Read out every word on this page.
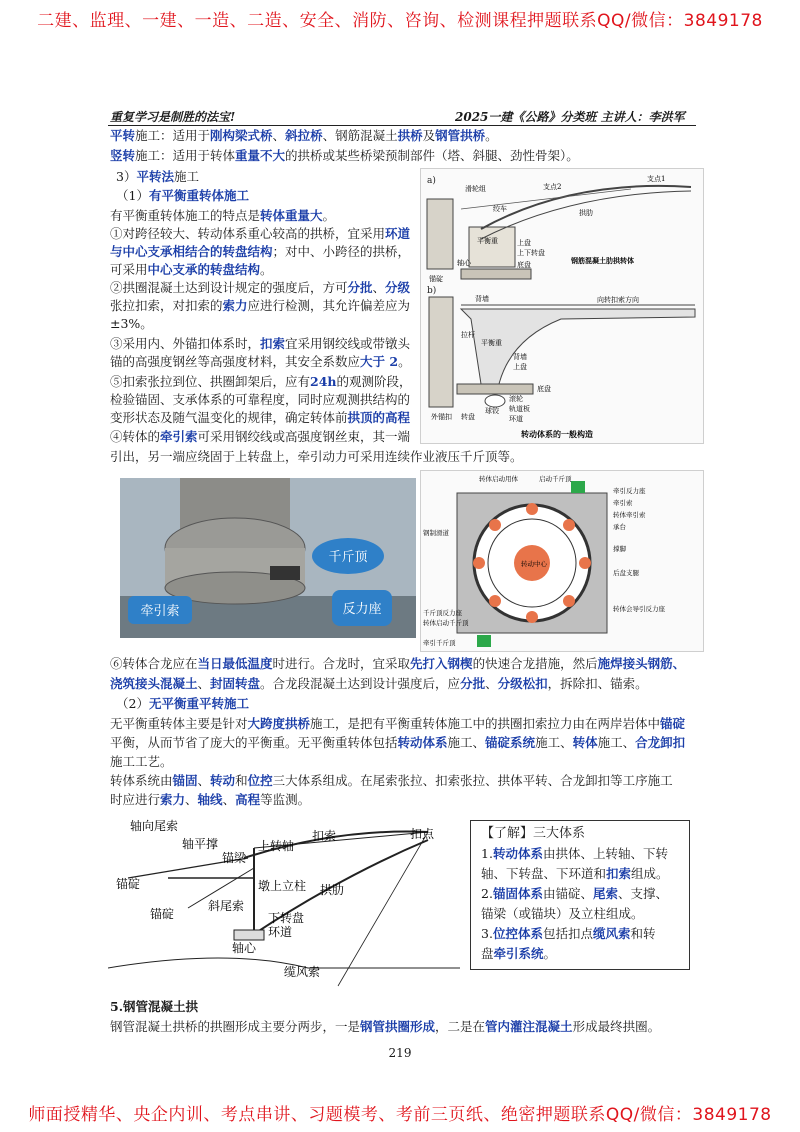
二建、监理、一建、一造、二造、安全、消防、咨询、检测课程押题联系QQ/微信：3849178
师面授精华、央企内训、考点串讲、习题模考、考前三页纸、绝密押题联系QQ/微信：3849178
重复学习是制胜的法宝!	2025一建《公路》分类班 主讲人：李洪军
平转施工：适用于刚构梁式桥、斜拉桥、钢筋混凝土拱桥及钢管拱桥。
竖转施工：适用于转体重量不大的拱桥或某些桥梁预制部件（塔、斜腿、劲性骨架）。
3）平转法施工
（1）有平衡重转体施工
有平衡重转体施工的特点是转体重量大。
①对跨径较大、转动体系重心较高的拱桥，宜采用环道
与中心支承相结合的转盘结构；对中、小跨径的拱桥，
可采用中心支承的转盘结构。
②拱圈混凝土达到设计规定的强度后，方可分批、分级
张拉扣索，对扣索的索力应进行检测，其允许偏差应为
±3%。
③采用内、外锚扣体系时，扣索宜采用钢绞线或带镦头
锚的高强度钢丝等高强度材料，其安全系数应大于 2。
⑤扣索张拉到位、拱圈卸架后，应有24h的观测阶段，
检验锚固、支承体系的可靠程度，同时应观测拱结构的
变形状态及随气温变化的规律，确定转体前拱顶的高程
④转体的牵引索可采用钢绞线或高强度钢丝束，其一端
引出，另一端应绕固于上转盘上，牵引动力可采用连续作业液压千斤顶等。
a)
滑轮组
锚碇
绞车
平衡重	上盘
上下转盘
轴心	底盘
支点2
支点1
拱肋
钢筋混凝土肋拱转体
b)
背墙	向转扣索方向
拉杆
平衡重
背墙
上盘
底盘
滚轮
轨道板
环道
外锚扣 转盘
球铰
转动体系的一般构造
千斤顶
牵引索	反力座
转体启动用体	启动千斤顶
牵引反力座
牵引索
转体牵引索
钢制滑道
承台
撑脚
转动中心
后盘支腿
千斤顶反力座
转体启动千斤顶
转体会导引反力座
牵引千斤顶
⑥转体合龙应在当日最低温度时进行。合龙时，宜采取先打入钢楔的快速合龙措施，然后施焊接头钢筋、
浇筑接头混凝土、封固转盘。合龙段混凝土达到设计强度后，应分批、分级松扣，拆除扣、锚索。
（2）无平衡重平转施工
无平衡重转体主要是针对大跨度拱桥施工，是把有平衡重转体施工中的拱圈扣索拉力由在两岸岩体中锚碇
平衡，从而节省了庞大的平衡重。无平衡重转体包括转动体系施工、锚碇系统施工、转体施工、合龙卸扣
施工工艺。
转体系统由锚固、转动和位控三大体系组成。在尾索张拉、扣索张拉、拱体平转、合龙卸扣等工序施工
时应进行索力、轴线、高程等监测。
轴向尾索
轴平撑
锚梁
上转轴
扣索	扣点
锚碇	墩上立柱 拱肋
斜尾索
锚碇	下转盘
环道
轴心
缆风索
【了解】三大体系
1.转动体系由拱体、上转轴、下转
轴、下转盘、下环道和扣索组成。
2.锚固体系由锚碇、尾索、支撑、
锚梁（或锚块）及立柱组成。
3.位控体系包括扣点缆风索和转
盘牵引系统。
5.钢管混凝土拱
钢管混凝土拱桥的拱圈形成主要分两步，一是钢管拱圈形成，二是在管内灌注混凝土形成最终拱圈。
219
